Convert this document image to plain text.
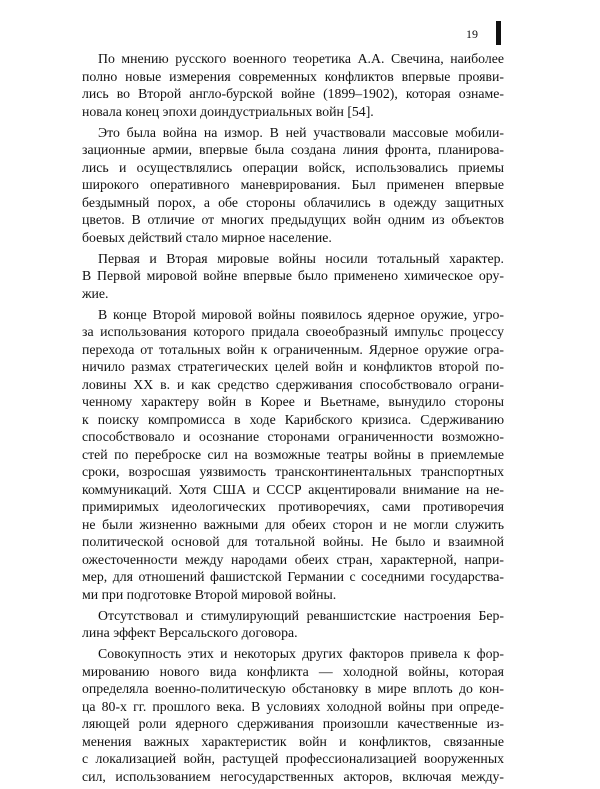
19
По мнению русского военного теоретика А.А. Свечина, наиболее
полно новые измерения современных конфликтов впервые прояви-
лись во Второй англо-бурской войне (1899–1902), которая ознаме-
новала конец эпохи доиндустриальных войн [54].
Это была война на измор. В ней участвовали массовые мобили-
зационные армии, впервые была создана линия фронта, планирова-
лись и осуществлялись операции войск, использовались приемы
широкого оперативного маневрирования. Был применен впервые
бездымный порох, а обе стороны облачились в одежду защитных
цветов. В отличие от многих предыдущих войн одним из объектов
боевых действий стало мирное население.
Первая и Вторая мировые войны носили тотальный характер.
В Первой мировой войне впервые было применено химическое ору-
жие.
В конце Второй мировой войны появилось ядерное оружие, угро-
за использования которого придала своеобразный импульс процессу
перехода от тотальных войн к ограниченным. Ядерное оружие огра-
ничило размах стратегических целей войн и конфликтов второй по-
ловины XX в. и как средство сдерживания способствовало ограни-
ченному характеру войн в Корее и Вьетнаме, вынудило стороны
к поиску компромисса в ходе Карибского кризиса. Сдерживанию
способствовало и осознание сторонами ограниченности возможно-
стей по переброске сил на возможные театры войны в приемлемые
сроки, возросшая уязвимость трансконтинентальных транспортных
коммуникаций. Хотя США и СССР акцентировали внимание на не-
примиримых идеологических противоречиях, сами противоречия
не были жизненно важными для обеих сторон и не могли служить
политической основой для тотальной войны. Не было и взаимной
ожесточенности между народами обеих стран, характерной, напри-
мер, для отношений фашистской Германии с соседними государства-
ми при подготовке Второй мировой войны.
Отсутствовал и стимулирующий реваншистские настроения Бер-
лина эффект Версальского договора.
Совокупность этих и некоторых других факторов привела к фор-
мированию нового вида конфликта — холодной войны, которая
определяла военно-политическую обстановку в мире вплоть до кон-
ца 80-х гг. прошлого века. В условиях холодной войны при опреде-
ляющей роли ядерного сдерживания произошли качественные из-
менения важных характеристик войн и конфликтов, связанные
с локализацией войн, растущей профессионализацией вооруженных
сил, использованием негосударственных акторов, включая между-
